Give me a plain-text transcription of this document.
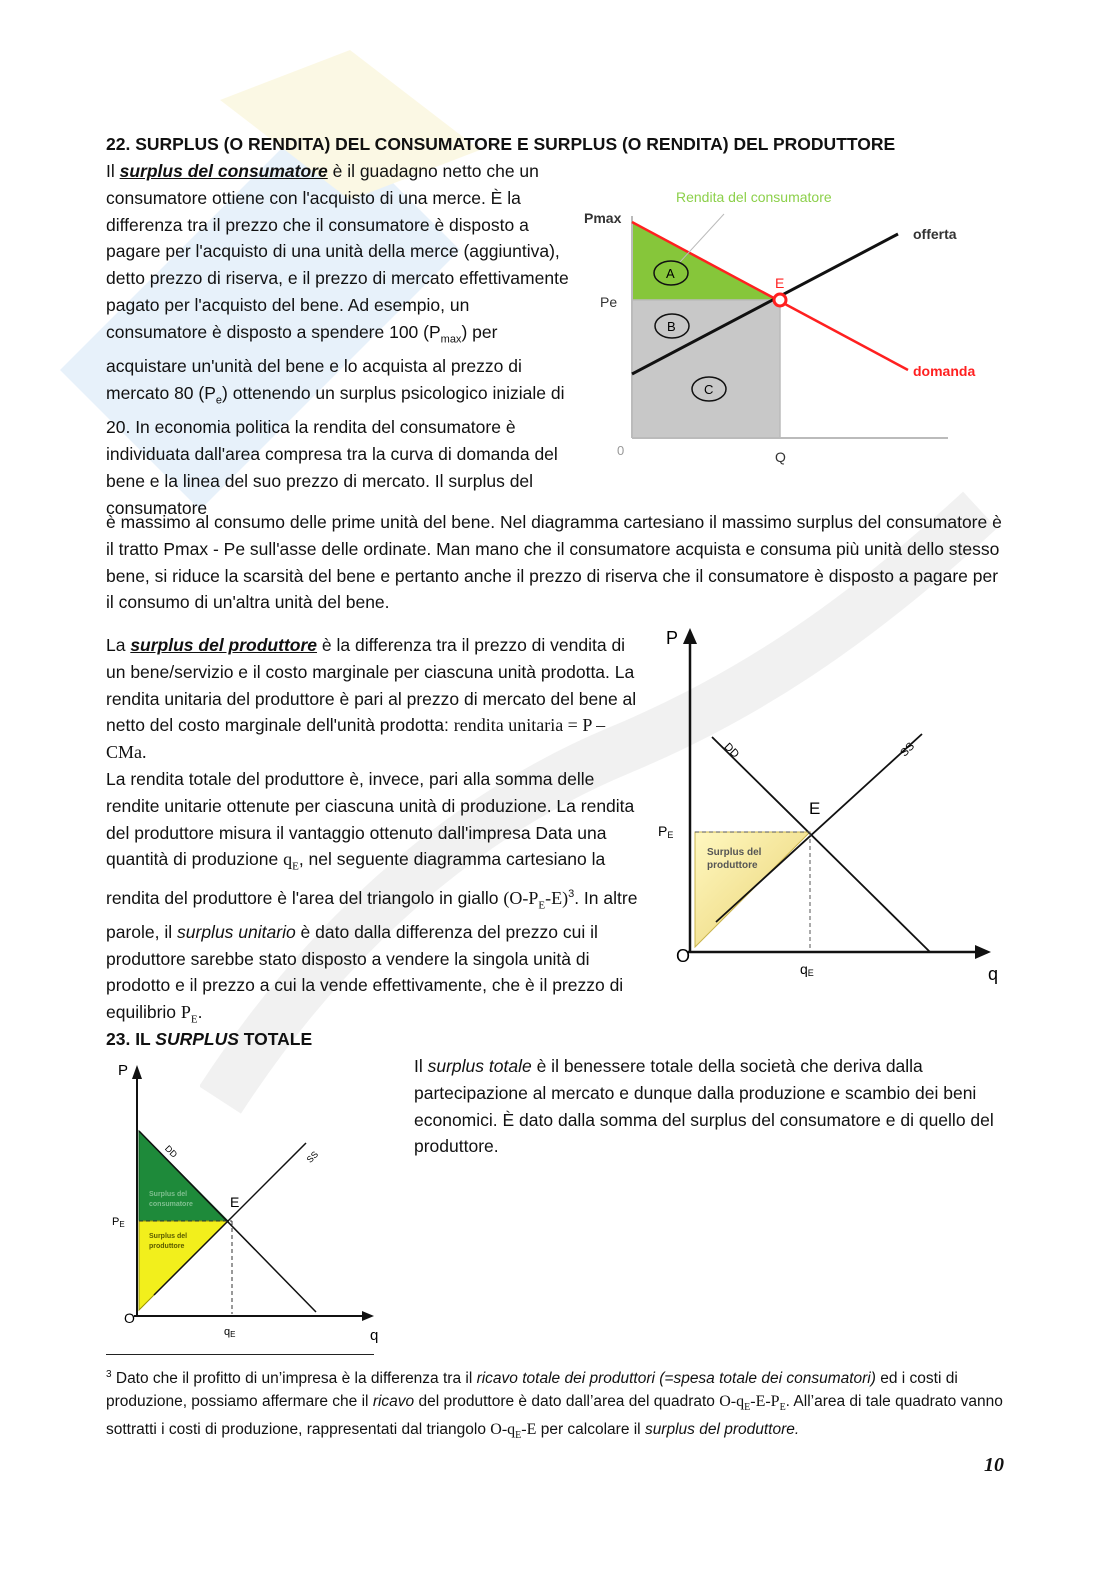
22. SURPLUS (O RENDITA) DEL CONSUMATORE E SURPLUS (O RENDITA) DEL PRODUTTORE
Il surplus del consumatore è il guadagno netto che un consumatore ottiene con l'acquisto di una merce. È la differenza tra il prezzo che il consumatore è disposto a pagare per l'acquisto di una unità della merce (aggiuntiva), detto prezzo di riserva, e il prezzo di mercato effettivamente pagato per l'acquisto del bene. Ad esempio, un consumatore è disposto a spendere 100 $(P_{max})$ per acquistare un'unità del bene e lo acquista al prezzo di mercato 80 $(P_e)$ ottenendo un surplus psicologico iniziale di 20. In economia politica la rendita del consumatore è individuata dall'area compresa tra la curva di domanda del bene e la linea del suo prezzo di mercato. Il surplus del consumatore
è massimo al consumo delle prime unità del bene. Nel diagramma cartesiano il massimo surplus del consumatore è il tratto Pmax - Pe sull'asse delle ordinate. Man mano che il consumatore acquista e consuma più unità dello stesso bene, si riduce la scarsità del bene e pertanto anche il prezzo di riserva che il consumatore è disposto a pagare per il consumo di un'altra unità del bene.
Rendita del consumatore
Pmax
Pe
offerta
domanda
E
A
B
C
0	Q
La surplus del produttore è la differenza tra il prezzo di vendita di un bene/servizio e il costo marginale per ciascuna unità prodotta. La rendita unitaria del produttore è pari al prezzo di mercato del bene al netto del costo marginale dell'unità prodotta: rendita unitaria = P – CMa.
La rendita totale del produttore è, invece, pari alla somma delle rendite unitarie ottenute per ciascuna unità di produzione. La rendita del produttore misura il vantaggio ottenuto dall'impresa Data una quantità di produzione $q_E$, nel seguente diagramma cartesiano la rendita del produttore è l'area del triangolo in giallo $(O-P_E-E)^3$. In altre parole, il surplus unitario è dato dalla differenza del prezzo cui il produttore sarebbe stato disposto a vendere la singola unità di prodotto e il prezzo a cui la vende effettivamente, che è il prezzo di equilibrio $P_E$.
P
DD	SS
E
PE
Surplus del
produttore
O
qE	q
23. IL SURPLUS TOTALE
P
DD	SS
E
PE
Surplus del
consumatore
Surplus del
produttore
O
qE	q
Il surplus totale è il benessere totale della società che deriva dalla partecipazione al mercato e dunque dalla produzione e scambio dei beni economici. È dato dalla somma del surplus del consumatore e di quello del produttore.
$^3$ Dato che il profitto di un’impresa è la differenza tra il ricavo totale dei produttori (=spesa totale dei consumatori) ed i costi di produzione, possiamo affermare che il ricavo del produttore è dato dall’area del quadrato $O-q_E-E-P_E$. All’area di tale quadrato vanno sottratti i costi di produzione, rappresentati dal triangolo $O-q_E-E$ per calcolare il surplus del produttore.
10
